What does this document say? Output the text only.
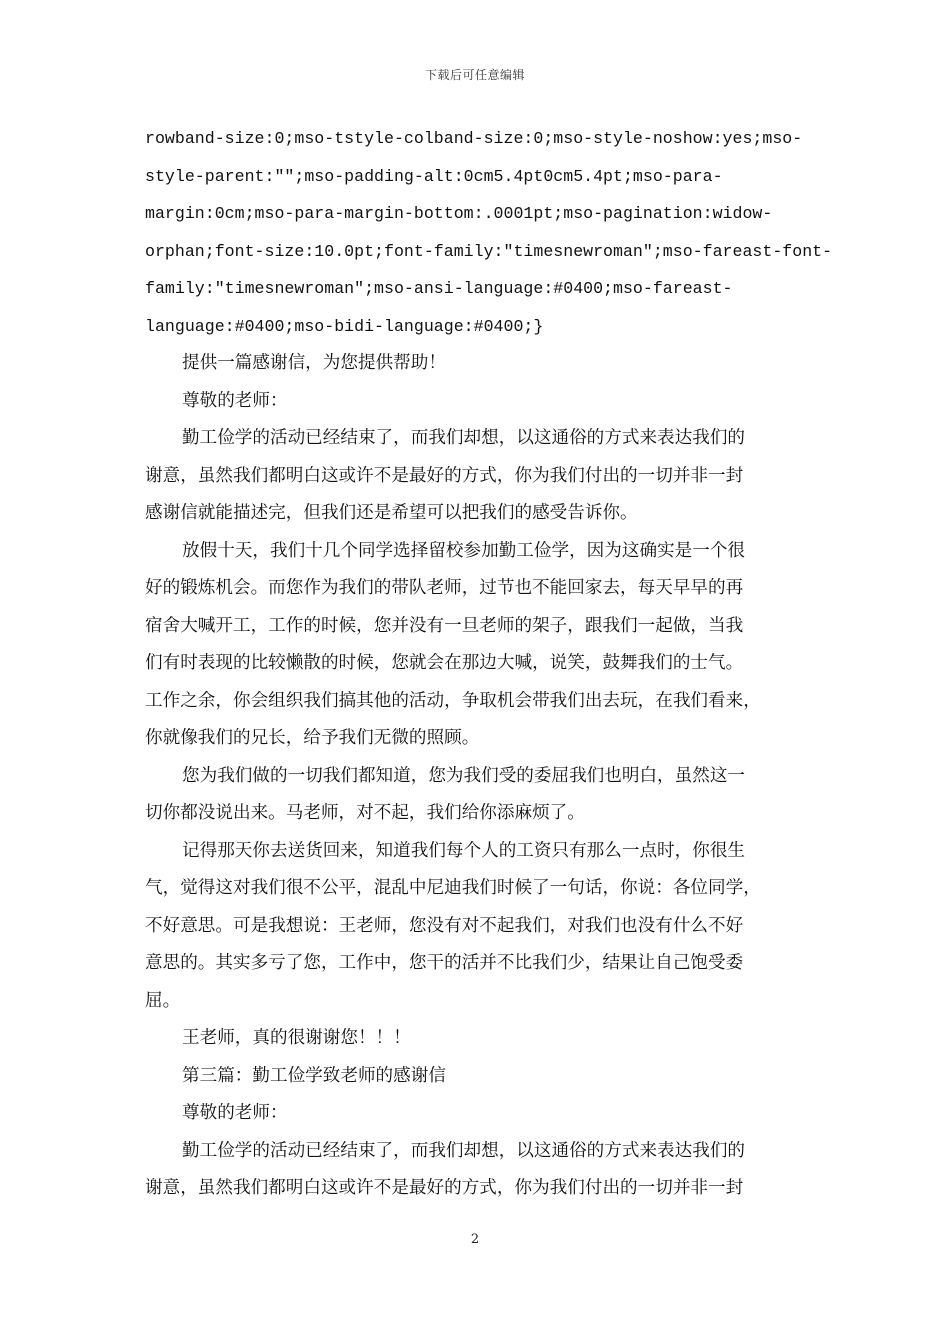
下载后可任意编辑
rowband-size:0;mso-tstyle-colband-size:0;mso-style-noshow:yes;mso-
style-parent:"";mso-padding-alt:0cm5.4pt0cm5.4pt;mso-para-
margin:0cm;mso-para-margin-bottom:.0001pt;mso-pagination:widow-
orphan;font-size:10.0pt;font-family:"timesnewroman";mso-fareast-font-
family:"timesnewroman";mso-ansi-language:#0400;mso-fareast-
language:#0400;mso-bidi-language:#0400;}
提供一篇感谢信，为您提供帮助！
尊敬的老师：
勤工俭学的活动已经结束了，而我们却想，以这通俗的方式来表达我们的
谢意，虽然我们都明白这或许不是最好的方式，你为我们付出的一切并非一封
感谢信就能描述完，但我们还是希望可以把我们的感受告诉你。
放假十天，我们十几个同学选择留校参加勤工俭学，因为这确实是一个很
好的锻炼机会。而您作为我们的带队老师，过节也不能回家去，每天早早的再
宿舍大喊开工，工作的时候，您并没有一旦老师的架子，跟我们一起做，当我
们有时表现的比较懒散的时候，您就会在那边大喊，说笑，鼓舞我们的士气。
工作之余，你会组织我们搞其他的活动，争取机会带我们出去玩，在我们看来，
你就像我们的兄长，给予我们无微的照顾。
您为我们做的一切我们都知道，您为我们受的委屈我们也明白，虽然这一
切你都没说出来。马老师，对不起，我们给你添麻烦了。
记得那天你去送货回来，知道我们每个人的工资只有那么一点时，你很生
气，觉得这对我们很不公平，混乱中尼迪我们时候了一句话，你说：各位同学，
不好意思。可是我想说：王老师，您没有对不起我们，对我们也没有什么不好
意思的。其实多亏了您，工作中，您干的活并不比我们少，结果让自己饱受委
屈。
王老师，真的很谢谢您！！！
第三篇：勤工俭学致老师的感谢信
尊敬的老师：
勤工俭学的活动已经结束了，而我们却想，以这通俗的方式来表达我们的
谢意，虽然我们都明白这或许不是最好的方式，你为我们付出的一切并非一封
2
